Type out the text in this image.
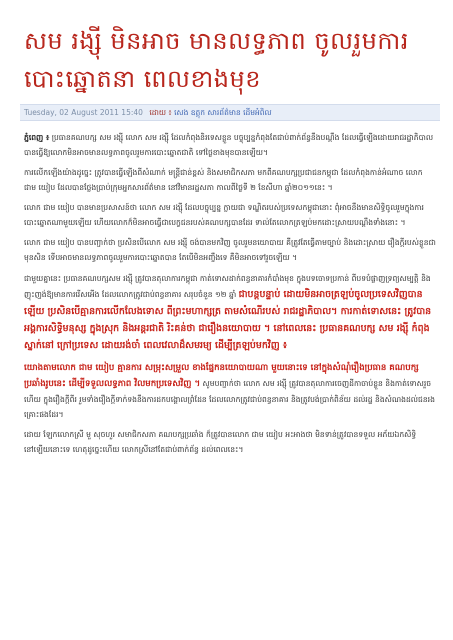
សម រង្ស៊ី មិនអាច មានលទ្ធភាព ចូលរួមការ បោះឆ្នោតនា ពេលខាងមុខ
Tuesday, 02 August 2011 15:40 ដោយ ៖ សេង ឧត្តុក សារព័ត៌មាន ដើមអំពិល

ភ្នំពេញ ៖ ប្រធានគណបក្ស សម រង្ស៊ី លោក សម រង្ស៊ី ដែលកំពុងនិរទេសខ្លួន បច្ចុប្បន្នកំពុងតែជាប់ពាក់ព័ន្ធនឹងបណ្តឹង ដែលធ្វើឡើងដោយរាជរដ្ឋាភិបាល បានធ្វើឱ្យលោកមិនអាចមានលទ្ធភាពចូលរួមការបោះឆ្នោតជាតិ ទៅថ្ងៃខាងមុខបានឡើយ។

ការលើកឡើងយ៉ាងដូច្នេះ ត្រូវបានធ្វើឡើងពីសំណាក់ មន្ត្រីជាន់ខ្ពស់ និងសមាជិកសភា មកពីគណបក្សប្រជាជនកម្ពុជា ដែលកំពុងកាន់អំណាច លោក ជាម យៀប ដែលបានថ្លែងប្រាប់ក្រុមអ្នកសារព័ត៌មាន នៅវិមានរដ្ឋសភា កាលពីថ្ងៃទី ២ ខែសីហា ឆ្នាំ២០១១នេះ ។

លោក ជាម យៀប បានមានប្រសាសន៍ថា លោក សម រង្ស៊ី ដែលបច្ចុប្បន្ន ក្លាយជា ទណ្ឌិតរបស់ប្រទេសកម្ពុជានោះ ពុំអាចនឹងមានសិទ្ធិចូលរួមក្នុងការបោះឆ្នោតណាមួយឡើយ ហើយលោកក៏មិនអាចធ្វើជាបេក្ខជនរបស់គណបក្សបានដែរ ទាល់តែលោកត្រឡប់មកដោះស្រាយបណ្តឹងទាំងនោះ ។

លោក ជាម យៀប បានបញ្ជាក់ថា ប្រសិនបើលោក សម រង្ស៊ី ចង់បានមកវិញ ចូលរួមនយោបាយ គឺត្រូវតែធ្វើតាមច្បាប់ និងដោះស្រាយ រឿងក្តីរបស់ខ្លួនជាមុនសិន ទើបអាចមានលទ្ធភាពចូលរួមការបោះឆ្នោតបាន តែបើមិនអញ្ចឹងទេ គឺមិនអាចទៅរួចឡើយ ។

ជាមួយគ្នានេះ ប្រធានគណបក្សសម រង្ស៊ី ត្រូវបានតុលាការកម្ពុជា កាត់ទោសដាក់ពន្ធនាគារកំបាំងមុខ ក្នុងបទចោទប្រកាន់ ពីបទបំផ្លាញទ្រព្យសម្បត្តិ និងញុះញង់ឱ្យមានការរើសអើង ដែលលោកត្រូវជាប់ពន្ធនាគារ សរុបចំនួន ១២ ឆ្នាំ ជាបន្តបន្ទាប់ ដោយមិនអាចត្រឡប់ចូលប្រទេសវិញបានឡើយ ប្រសិនបើគ្មានការលើកលែងទោស ពីព្រះមហាក្សត្រ តាមសំណើរបស់ រាជរដ្ឋាភិបាល។ ការកាត់ទោសនេះ ត្រូវបានអង្គការសិទ្ធិមនុស្ស ក្នុងស្រុក និងអន្តរជាតិ រិះគន់ថា ជារឿងនយោបាយ ។ នៅពេលនេះ ប្រធានគណបក្ស សម រង្ស៊ី កំពុងស្នាក់នៅ ក្រៅប្រទេស ដោយរង់ចាំ ពេលវេលាដ៏សមរម្យ ដើម្បីត្រឡប់មកវិញ ៖

យោងតាមលោក ជាម យៀប គ្មានការ សម្រុះសម្រួល ខាងផ្នែកនយោបាយណា មួយនោះទេ នៅក្នុងសំណុំរឿងប្រធាន គណបក្សប្រឆាំងរូបនេះ ដើម្បីទទួលលទ្ធភាព វិលមកប្រទេសវិញ ។ សូមបញ្ជាក់ថា លោក សម រង្ស៊ី ត្រូវបានតុលាការចេញដីកាចាប់ខ្លួន និងកាត់ទោសរួចហើយ ក្នុងរឿងក្តីពីរ រួមទាំងរឿងក្តីទាក់ទងនឹងការដកបង្គោលព្រំដែន ដែលលោកត្រូវជាប់ពន្ធនាគារ និងត្រូវបង់ប្រាក់ពិន័យ ដល់រដ្ឋ និងសំណងដល់ជនរងគ្រោះផងដែរ។

ដោយ ឡែកលោកស្រី មួ សុចហួរ សមាជិកសភា គណបក្សប្រឆាំង ក៏ត្រូវបានលោក ជាម យៀប អះអាងថា មិនទាន់ត្រូវបានទទួល អភ័យឯកសិទ្ធិនៅឡើយនោះទេ ហេតុដូច្នេះហើយ លោកស្រីនៅតែជាប់ពាក់ព័ន្ធ ដល់ពេលនេះ។
